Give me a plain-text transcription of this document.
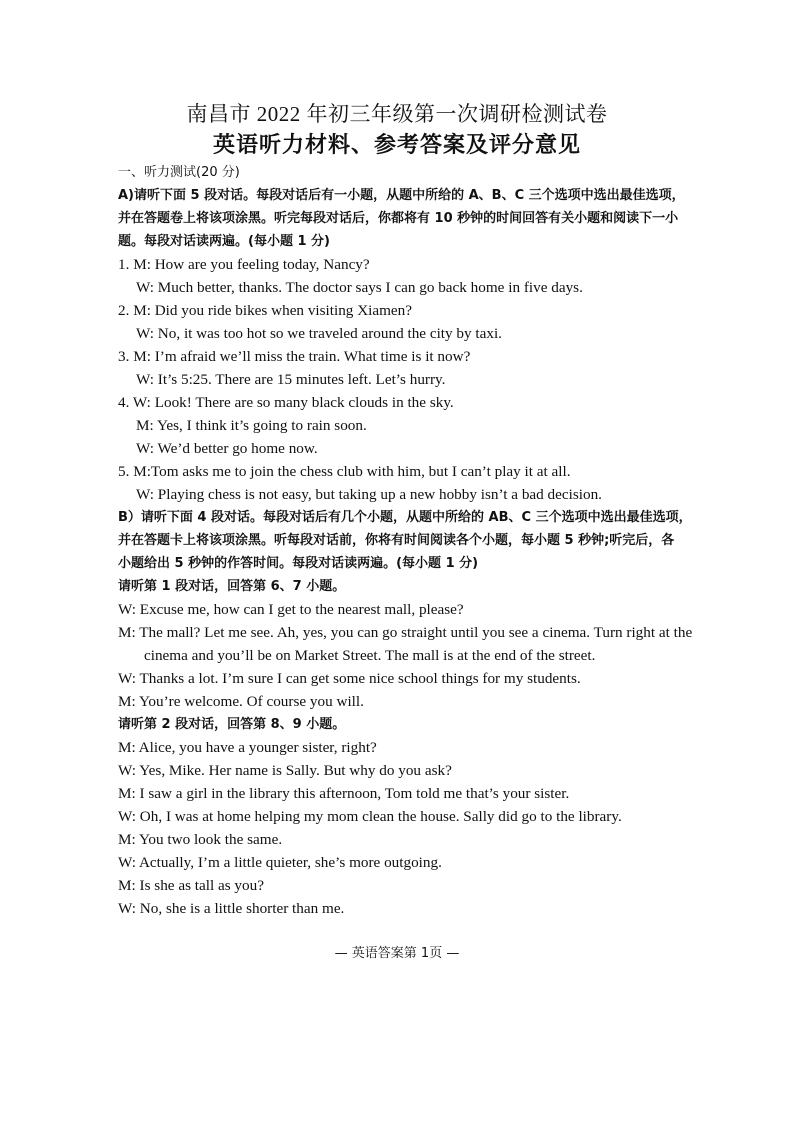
南昌市 2022 年初三年级第一次调研检测试卷
英语听力材料、参考答案及评分意见
一、听力测试(20 分)
A)请听下面 5 段对话。每段对话后有一小题，从题中所给的 A、B、C 三个选项中选出最佳选项，
并在答题卷上将该项涂黑。听完每段对话后，你都将有 10 秒钟的时间回答有关小题和阅读下一小
题。每段对话读两遍。(每小题 1 分)
1. M: How are you feeling today, Nancy?
W: Much better, thanks. The doctor says I can go back home in five days.
2. M: Did you ride bikes when visiting Xiamen?
W: No, it was too hot so we traveled around the city by taxi.
3. M: I’m afraid we’ll miss the train. What time is it now?
W: It’s 5:25. There are 15 minutes left. Let’s hurry.
4. W: Look! There are so many black clouds in the sky.
M: Yes, I think it’s going to rain soon.
W: We’d better go home now.
5. M:Tom asks me to join the chess club with him, but I can’t play it at all.
W: Playing chess is not easy, but taking up a new hobby isn’t a bad decision.
B）请听下面 4 段对话。每段对话后有几个小题，从题中所给的 AB、C 三个选项中选出最佳选项，
并在答题卡上将该项涂黑。听每段对话前，你将有时间阅读各个小题，每小题 5 秒钟;听完后，各
小题给出 5 秒钟的作答时间。每段对话读两遍。(每小题 1 分)
请听第 1 段对话，回答第 6、7 小题。
W: Excuse me, how can I get to the nearest mall, please?
M: The mall? Let me see. Ah, yes, you can go straight until you see a cinema. Turn right at the
cinema and you’ll be on Market Street. The mall is at the end of the street.
W: Thanks a lot. I’m sure I can get some nice school things for my students.
M: You’re welcome. Of course you will.
请听第 2 段对话，回答第 8、9 小题。
M: Alice, you have a younger sister, right?
W: Yes, Mike. Her name is Sally. But why do you ask?
M: I saw a girl in the library this afternoon, Tom told me that’s your sister.
W: Oh, I was at home helping my mom clean the house. Sally did go to the library.
M: You two look the same.
W: Actually, I’m a little quieter, she’s more outgoing.
M: Is she as tall as you?
W: No, she is a little shorter than me.
— 英语答案第 1页 —
